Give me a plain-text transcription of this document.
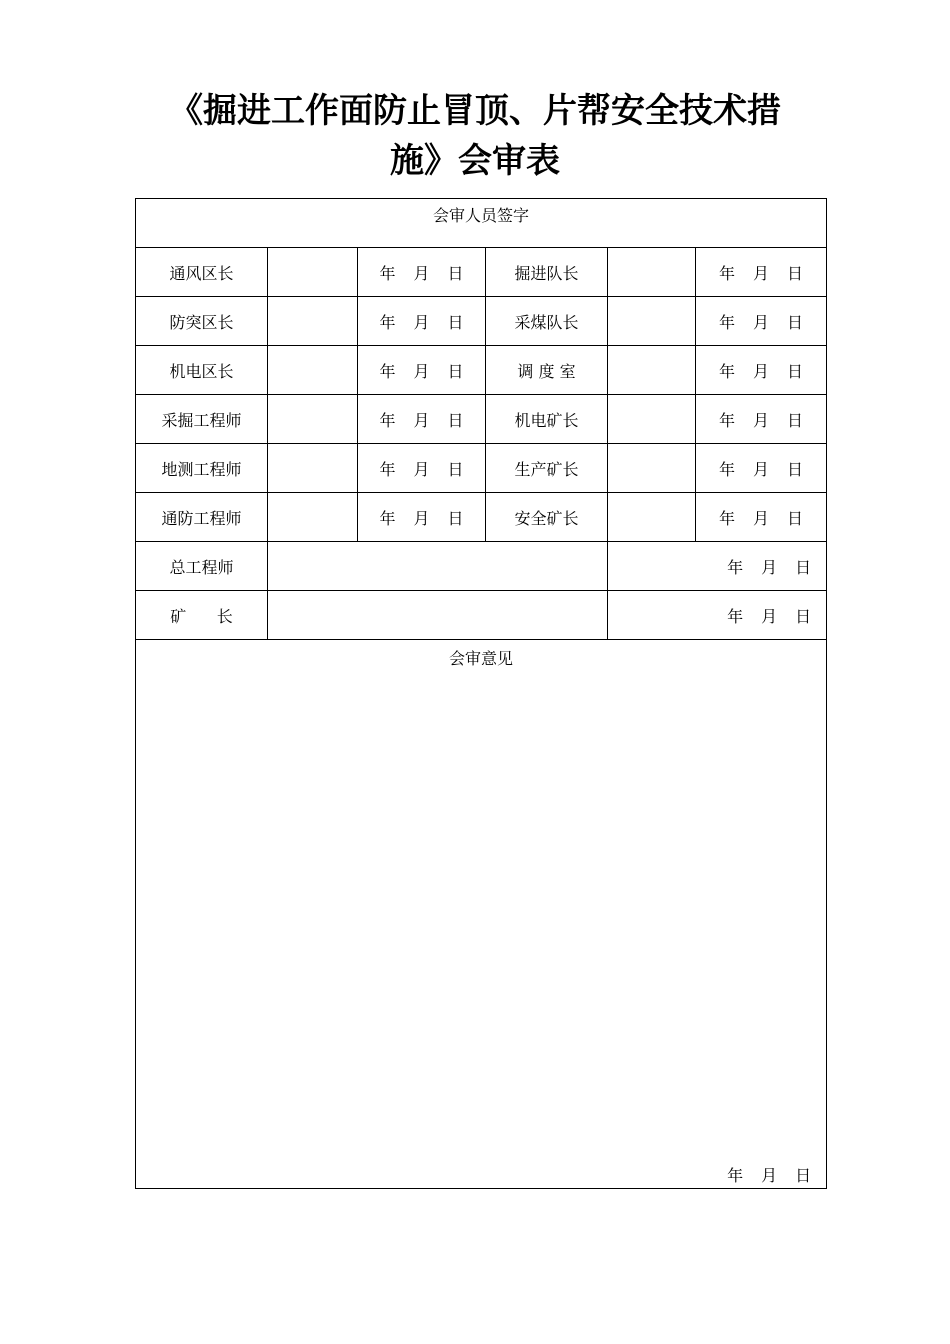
《掘进工作面防止冒顶、片帮安全技术措
施》会审表
会审人员签字					
通风区长		年 月 日	掘进队长		年 月 日
防突区长		年 月 日	采煤队长		年 月 日
机电区长		年 月 日	调 度 室		年 月 日
采掘工程师		年 月 日	机电矿长		年 月 日
地测工程师		年 月 日	生产矿长		年 月 日
通防工程师		年 月 日	安全矿长		年 月 日
总工程师				年 月 日	
矿      长				年 月 日	

会审意见
年 月 日					
